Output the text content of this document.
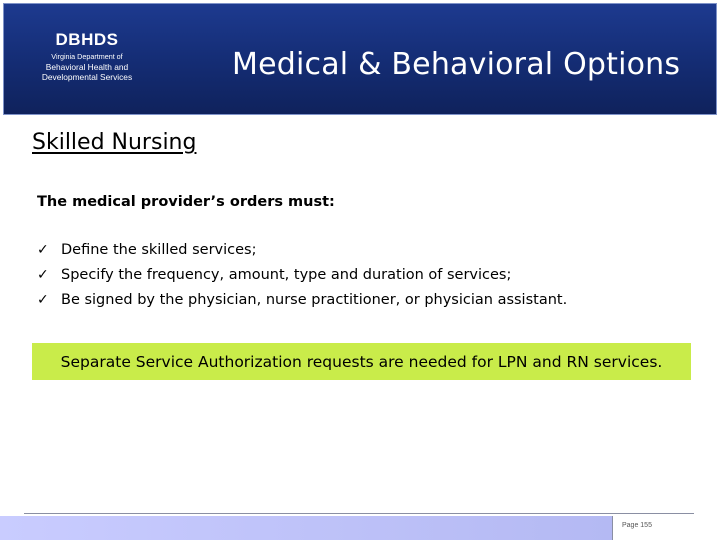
DBHDS
Virginia Department of
Behavioral Health and
Developmental Services	Medical & Behavioral Options
Skilled Nursing
The medical provider’s orders must:
✓ Define the skilled services;
✓ Specify the frequency, amount, type and duration of services;
✓ Be signed by the physician, nurse practitioner, or physician assistant.
Separate Service Authorization requests are needed for LPN and RN services.
Page 155
